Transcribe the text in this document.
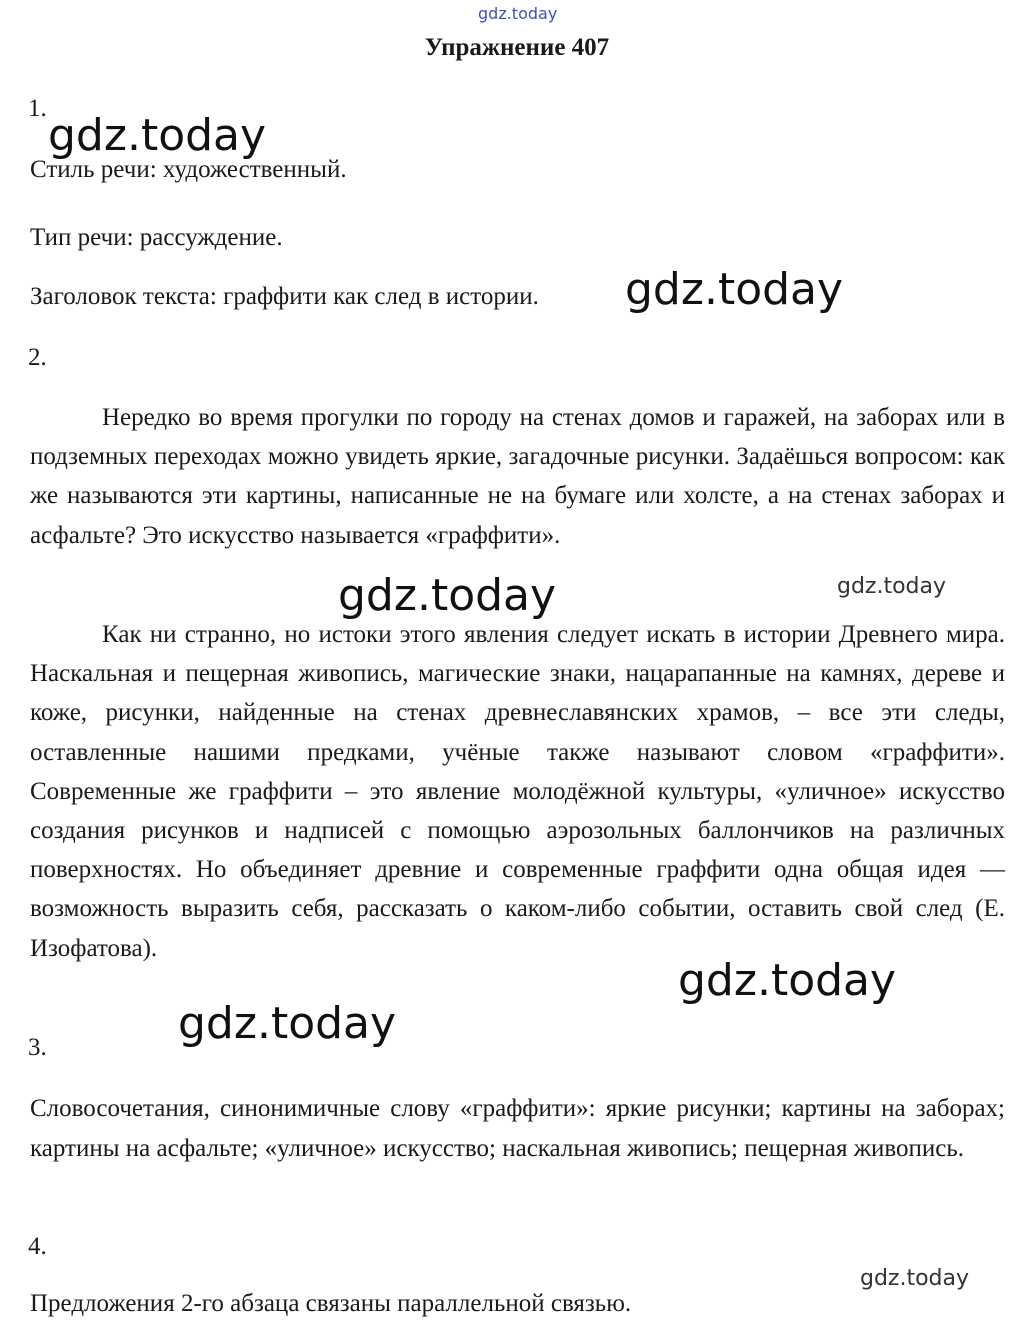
gdz.today
Упражнение 407
1.
gdz.today
Стиль речи: художественный.
Тип речи: рассуждение.
Заголовок текста: граффити как след в истории. gdz.today
2.

Нередко во время прогулки по городу на стенах домов и гаражей, на заборах или в подземных переходах можно увидеть яркие, загадочные рисунки. Задаёшься вопросом: как же называются эти картины, написанные не на бумаге или холсте, а на стенах заборах и асфальте? Это искусство называется «граффити».

gdz.today
gdz.today

Как ни странно, но истоки этого явления следует искать в истории Древнего мира. Наскальная и пещерная живопись, магические знаки, нацарапанные на камнях, дереве и коже, рисунки, найденные на стенах древнеславянских храмов, – все эти следы, оставленные нашими предками, учёные также называют словом «граффити». Современные же граффити – это явление молодёжной культуры, «уличное» искусство создания рисунков и надписей с помощью аэрозольных баллончиков на различных поверхностях. Но объединяет древние и современные граффити одна общая идея — возможность выразить себя, рассказать о каком-либо событии, оставить свой след (Е. Изофатова).

gdz.today
gdz.today
3.

Словосочетания, синонимичные слову «граффити»: яркие рисунки; картины на заборах; картины на асфальте; «уличное» искусство; наскальная живопись; пещерная живопись.

4.
gdz.today
Предложения 2-го абзаца связаны параллельной связью.
